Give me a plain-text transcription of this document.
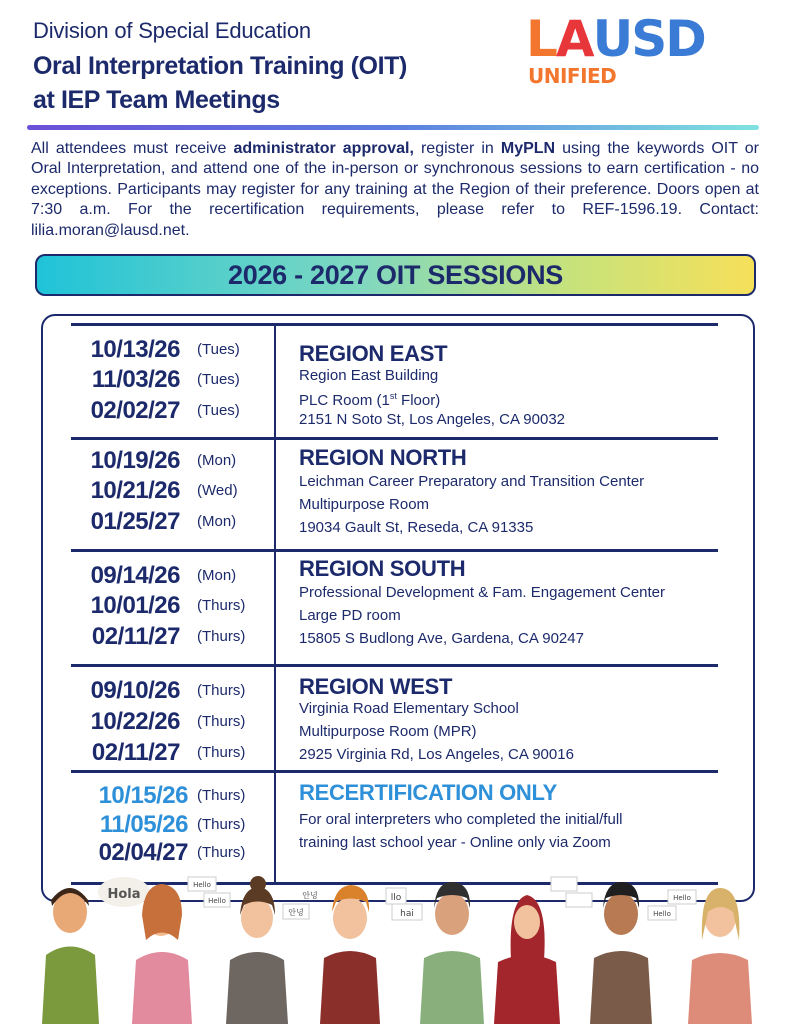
Division of Special Education
Oral Interpretation Training (OIT)
at IEP Team Meetings
LAUSD
UNIFIED

All attendees must receive administrator approval, register in MyPLN using the keywords OIT or Oral Interpretation, and attend one of the in-person or synchronous sessions to earn certification - no exceptions. Participants may register for any training at the Region of their preference. Doors open at 7:30 a.m. For the recertification requirements, please refer to REF-1596.19. Contact: lilia.moran@lausd.net.

2026 - 2027 OIT SESSIONS
10/13/26 (Tues)
11/03/26 (Tues)
02/02/27 (Tues)
REGION EAST
Region East Building
PLC Room (1st Floor)
2151 N Soto St, Los Angeles, CA 90032
10/19/26 (Mon)
10/21/26 (Wed)
01/25/27 (Mon)
REGION NORTH
Leichman Career Preparatory and Transition Center
Multipurpose Room
19034 Gault St, Reseda, CA 91335
09/14/26 (Mon)
10/01/26 (Thurs)
02/11/27 (Thurs)
REGION SOUTH
Professional Development & Fam. Engagement Center
Large PD room
15805 S Budlong Ave, Gardena, CA 90247
09/10/26 (Thurs)
10/22/26 (Thurs)
02/11/27 (Thurs)
REGION WEST
Virginia Road Elementary School
Multipurpose Room (MPR)
2925 Virginia Rd, Los Angeles, CA 90016
10/15/26 (Thurs)
11/05/26 (Thurs)
02/04/27 (Thurs)
RECERTIFICATION ONLY
For oral interpreters who completed the initial/full
training last school year - Online only via Zoom
Hola
Hello
Hello
안녕
안녕
llo
hai
Hello
Hello
